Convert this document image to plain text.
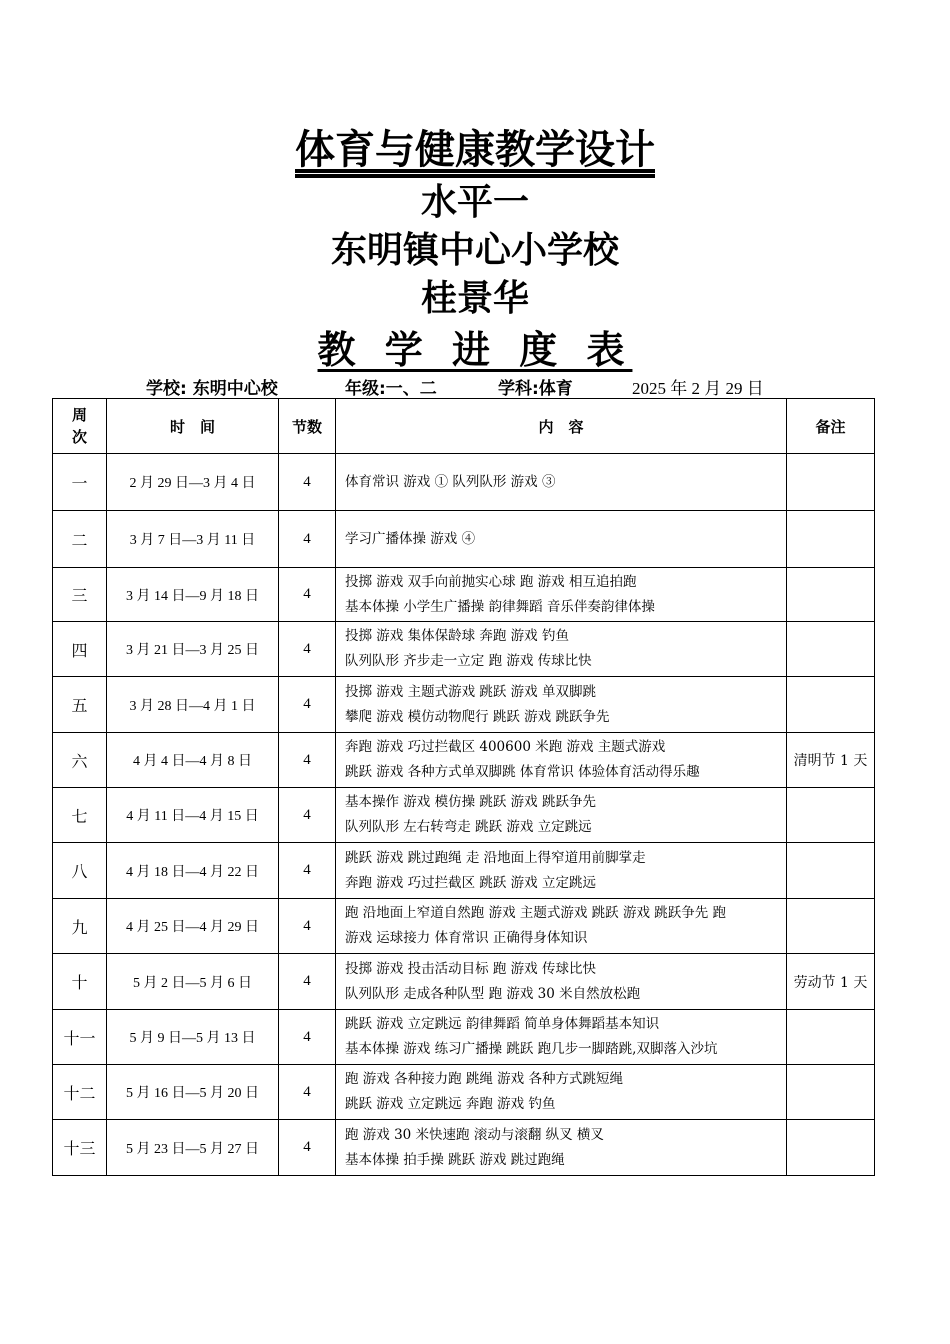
体育与健康教学设计
水平一
东明镇中心小学校
桂景华
教 学 进 度 表
学校: 东明中心校	年级:一、二	学科:体育	2025 年 2 月 29 日
周次	时　间	节数	内　容	备注
一	2 月 29 日—3 月 4 日	4	体育常识 游戏 ① 队列队形 游戏 ③	

二	3 月 7 日—3 月 11 日	4	学习广播体操 游戏 ④	

三	3 月 14 日—9 月 18 日	4	投掷 游戏 双手向前抛实心球 跑 游戏 相互追拍跑
基本体操 小学生广播操 韵律舞蹈 音乐伴奏韵律体操	

四	3 月 21 日—3 月 25 日	4	投掷 游戏 集体保龄球 奔跑 游戏 钓鱼
队列队形 齐步走一立定 跑 游戏 传球比快	

五	3 月 28 日—4 月 1 日	4	投掷 游戏 主题式游戏 跳跃 游戏 单双脚跳
攀爬 游戏 模仿动物爬行 跳跃 游戏 跳跃争先	

六	4 月 4 日—4 月 8 日	4	奔跑 游戏 巧过拦截区 400600 米跑 游戏 主题式游戏
跳跃 游戏 各种方式单双脚跳 体育常识 体验体育活动得乐趣	清明节 1 天
七	4 月 11 日—4 月 15 日	4	基本操作 游戏 模仿操 跳跃 游戏 跳跃争先
队列队形 左右转弯走 跳跃 游戏 立定跳远	

八	4 月 18 日—4 月 22 日	4	跳跃 游戏 跳过跑绳 走 沿地面上得窄道用前脚掌走
奔跑 游戏 巧过拦截区 跳跃 游戏 立定跳远	

九	4 月 25 日—4 月 29 日	4	跑 沿地面上窄道自然跑 游戏 主题式游戏 跳跃 游戏 跳跃争先 跑
游戏 运球接力 体育常识 正确得身体知识	

十	5 月 2 日—5 月 6 日	4	投掷 游戏 投击活动目标 跑 游戏 传球比快
队列队形 走成各种队型 跑 游戏 30 米自然放松跑	劳动节 1 天
十一	5 月 9 日—5 月 13 日	4	跳跃 游戏 立定跳远 韵律舞蹈 简单身体舞蹈基本知识
基本体操 游戏 练习广播操 跳跃 跑几步一脚踏跳,双脚落入沙坑	

十二	5 月 16 日—5 月 20 日	4	跑 游戏 各种接力跑 跳绳 游戏 各种方式跳短绳
跳跃 游戏 立定跳远 奔跑 游戏 钓鱼	

十三	5 月 23 日—5 月 27 日	4	跑 游戏 30 米快速跑 滚动与滚翻 纵叉 横叉
基本体操 拍手操 跳跃 游戏 跳过跑绳	
